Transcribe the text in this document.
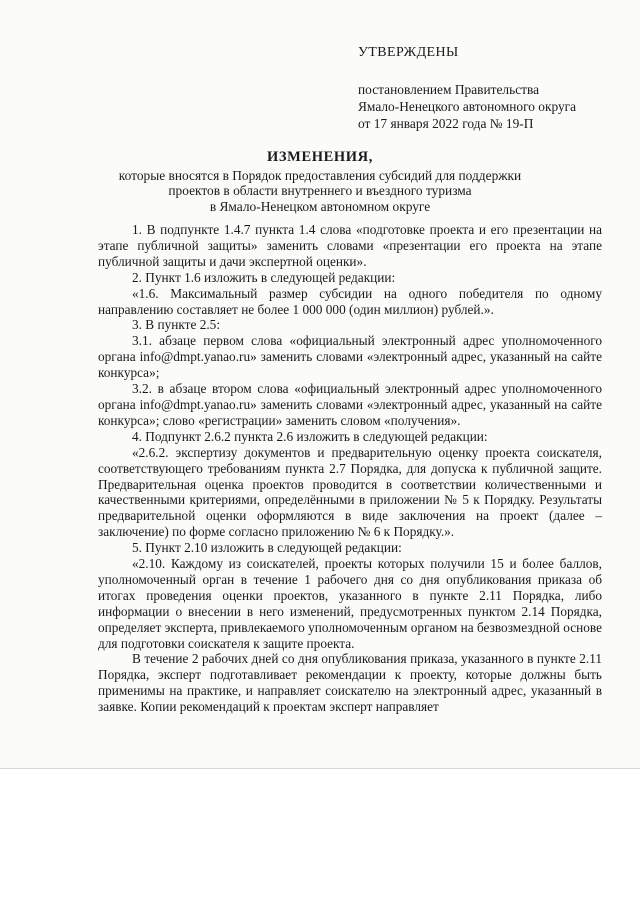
УТВЕРЖДЕНЫ
постановлением Правительства
Ямало-Ненецкого автономного округа
от 17 января 2022 года № 19-П
ИЗМЕНЕНИЯ,
которые вносятся в Порядок предоставления субсидий для поддержки
проектов в области внутреннего и въездного туризма
в Ямало-Ненецком автономном округе

1. В подпункте 1.4.7 пункта 1.4 слова «подготовке проекта и его презентации на этапе публичной защиты» заменить словами «презентации его проекта на этапе публичной защиты и дачи экспертной оценки».

2. Пункт 1.6 изложить в следующей редакции:

«1.6. Максимальный размер субсидии на одного победителя по одному направлению составляет не более 1 000 000 (один миллион) рублей.».

3. В пункте 2.5:

3.1. абзаце первом слова «официальный электронный адрес уполномоченного органа info@dmpt.yanao.ru» заменить словами «электронный адрес, указанный на сайте конкурса»;

3.2. в абзаце втором слова «официальный электронный адрес уполномоченного органа info@dmpt.yanao.ru» заменить словами «электронный адрес, указанный на сайте конкурса»; слово «регистрации» заменить словом «получения».

4. Подпункт 2.6.2 пункта 2.6 изложить в следующей редакции:

«2.6.2. экспертизу документов и предварительную оценку проекта соискателя, соответствующего требованиям пункта 2.7 Порядка, для допуска к публичной защите. Предварительная оценка проектов проводится в соответствии количественными и качественными критериями, определёнными в приложении № 5 к Порядку. Результаты предварительной оценки оформляются в виде заключения на проект (далее – заключение) по форме согласно приложению № 6 к Порядку.».

5. Пункт 2.10 изложить в следующей редакции:

«2.10. Каждому из соискателей, проекты которых получили 15 и более баллов, уполномоченный орган в течение 1 рабочего дня со дня опубликования приказа об итогах проведения оценки проектов, указанного в пункте 2.11 Порядка, либо информации о внесении в него изменений, предусмотренных пунктом 2.14 Порядка, определяет эксперта, привлекаемого уполномоченным органом на безвозмездной основе для подготовки соискателя к защите проекта.

В течение 2 рабочих дней со дня опубликования приказа, указанного в пункте 2.11 Порядка, эксперт подготавливает рекомендации к проекту, которые должны быть применимы на практике, и направляет соискателю на электронный адрес, указанный в заявке. Копии рекомендаций к проектам эксперт направляет
